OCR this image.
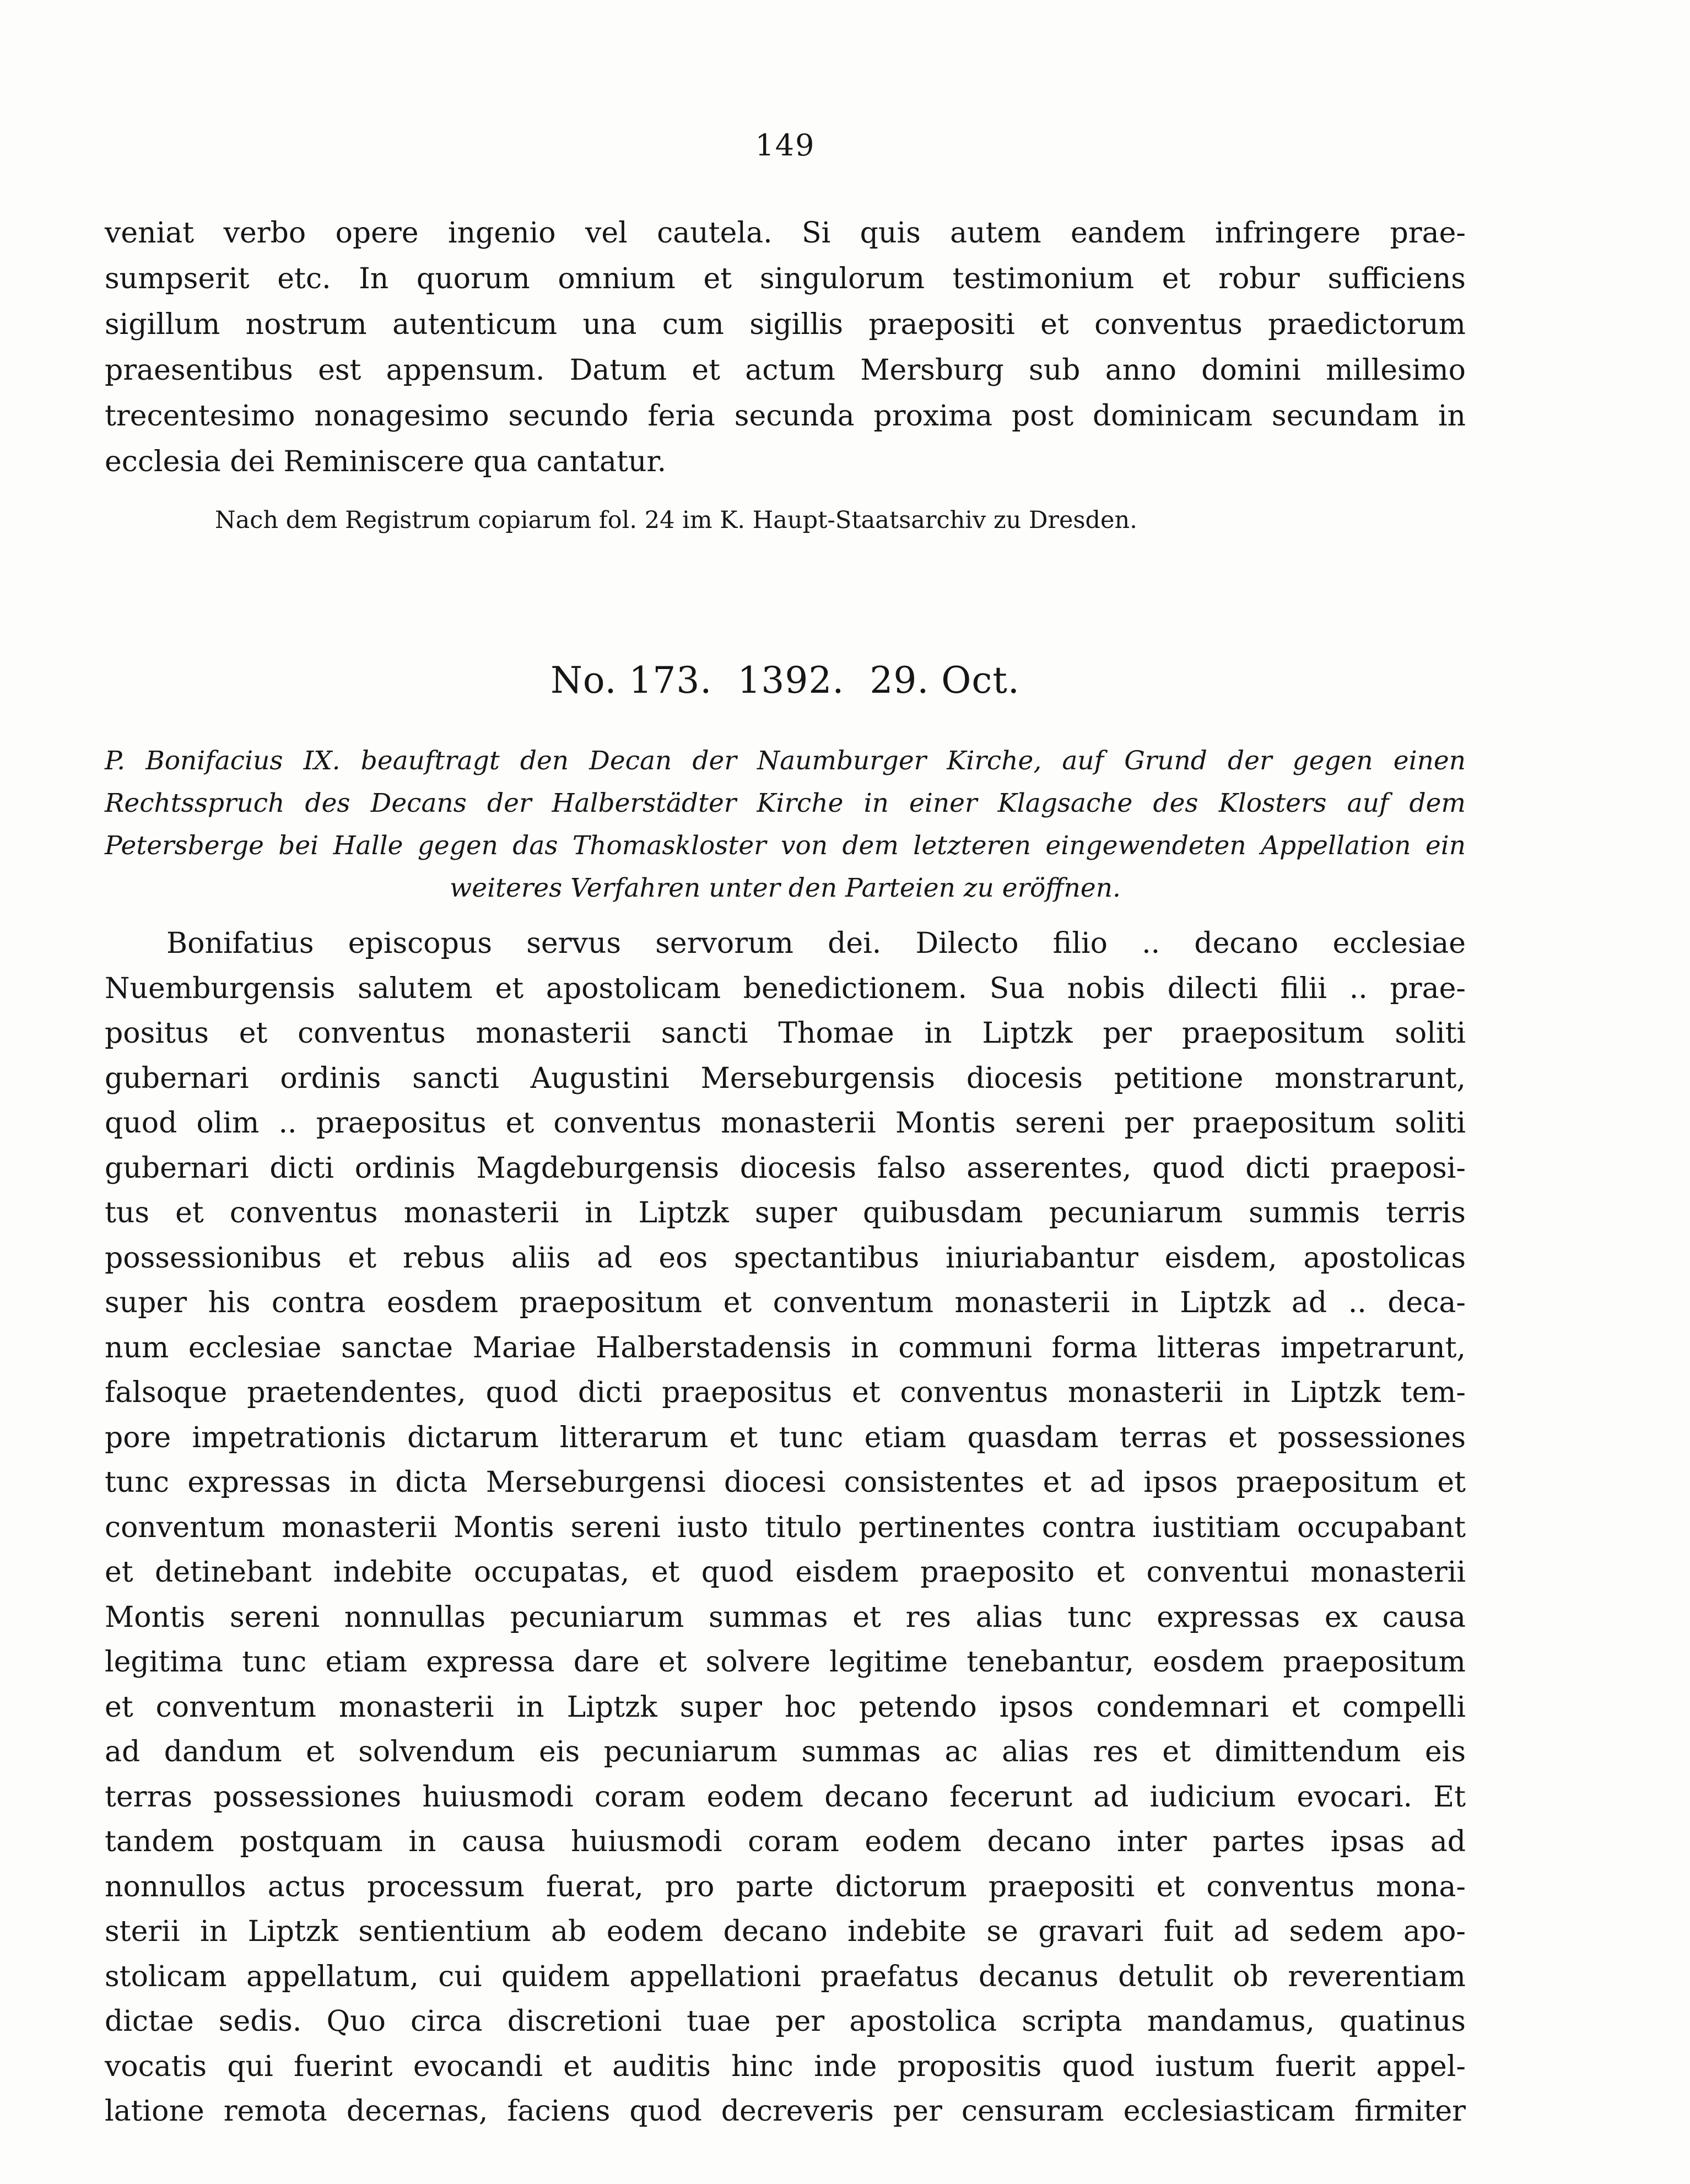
149
veniat verbo opere ingenio vel cautela. Si quis autem eandem infringere prae-
sumpserit etc. In quorum omnium et singulorum testimonium et robur sufficiens
sigillum nostrum autenticum una cum sigillis praepositi et conventus praedictorum
praesentibus est appensum. Datum et actum Mersburg sub anno domini millesimo
trecentesimo nonagesimo secundo feria secunda proxima post dominicam secundam in
ecclesia dei Reminiscere qua cantatur.
Nach dem Registrum copiarum fol. 24 im K. Haupt-Staatsarchiv zu Dresden.
No. 173. 1392. 29. Oct.
P. Bonifacius IX. beauftragt den Decan der Naumburger Kirche, auf Grund der gegen einen
Rechtsspruch des Decans der Halberstädter Kirche in einer Klagsache des Klosters auf dem
Petersberge bei Halle gegen das Thomaskloster von dem letzteren eingewendeten Appellation ein
weiteres Verfahren unter den Parteien zu eröffnen.
Bonifatius episcopus servus servorum dei. Dilecto filio .. decano ecclesiae
Nuemburgensis salutem et apostolicam benedictionem. Sua nobis dilecti filii .. prae-
positus et conventus monasterii sancti Thomae in Liptzk per praepositum soliti
gubernari ordinis sancti Augustini Merseburgensis diocesis petitione monstrarunt,
quod olim .. praepositus et conventus monasterii Montis sereni per praepositum soliti
gubernari dicti ordinis Magdeburgensis diocesis falso asserentes, quod dicti praeposi-
tus et conventus monasterii in Liptzk super quibusdam pecuniarum summis terris
possessionibus et rebus aliis ad eos spectantibus iniuriabantur eisdem, apostolicas
super his contra eosdem praepositum et conventum monasterii in Liptzk ad .. deca-
num ecclesiae sanctae Mariae Halberstadensis in communi forma litteras impetrarunt,
falsoque praetendentes, quod dicti praepositus et conventus monasterii in Liptzk tem-
pore impetrationis dictarum litterarum et tunc etiam quasdam terras et possessiones
tunc expressas in dicta Merseburgensi diocesi consistentes et ad ipsos praepositum et
conventum monasterii Montis sereni iusto titulo pertinentes contra iustitiam occupabant
et detinebant indebite occupatas, et quod eisdem praeposito et conventui monasterii
Montis sereni nonnullas pecuniarum summas et res alias tunc expressas ex causa
legitima tunc etiam expressa dare et solvere legitime tenebantur, eosdem praepositum
et conventum monasterii in Liptzk super hoc petendo ipsos condemnari et compelli
ad dandum et solvendum eis pecuniarum summas ac alias res et dimittendum eis
terras possessiones huiusmodi coram eodem decano fecerunt ad iudicium evocari. Et
tandem postquam in causa huiusmodi coram eodem decano inter partes ipsas ad
nonnullos actus processum fuerat, pro parte dictorum praepositi et conventus mona-
sterii in Liptzk sentientium ab eodem decano indebite se gravari fuit ad sedem apo-
stolicam appellatum, cui quidem appellationi praefatus decanus detulit ob reverentiam
dictae sedis. Quo circa discretioni tuae per apostolica scripta mandamus, quatinus
vocatis qui fuerint evocandi et auditis hinc inde propositis quod iustum fuerit appel-
latione remota decernas, faciens quod decreveris per censuram ecclesiasticam firmiter
